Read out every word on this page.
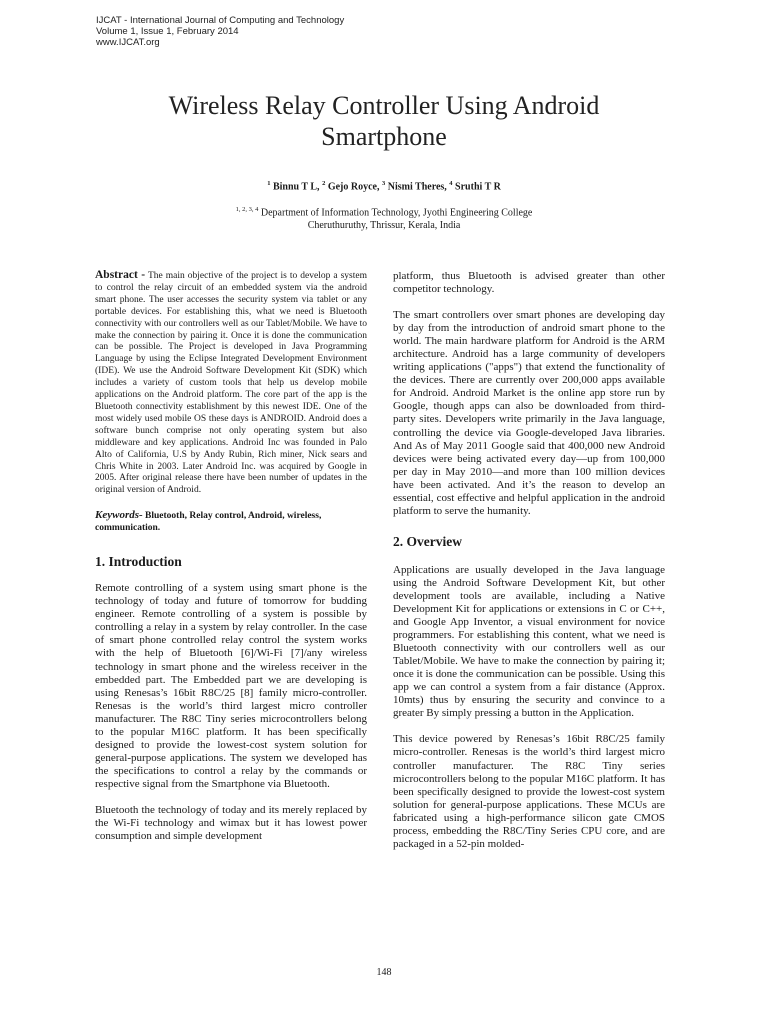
IJCAT - International Journal of Computing and Technology
Volume 1, Issue 1, February 2014
www.IJCAT.org
Wireless Relay Controller Using Android
Smartphone
$^1$ Binnu T L, $^2$ Gejo Royce, $^3$ Nismi Theres, $^4$ Sruthi T R
$^{1, 2, 3, 4}$ Department of Information Technology, Jyothi Engineering College
Cheruthuruthy, Thrissur, Kerala, India

Abstract - The main objective of the project is to develop a system to control the relay circuit of an embedded system via the android smart phone. The user accesses the security system via tablet or any portable devices. For establishing this, what we need is Bluetooth connectivity with our controllers well as our Tablet/Mobile. We have to make the connection by pairing it. Once it is done the communication can be possible. The Project is developed in Java Programming Language by using the Eclipse Integrated Development Environment (IDE). We use the Android Software Development Kit (SDK) which includes a variety of custom tools that help us develop mobile applications on the Android platform. The core part of the app is the Bluetooth connectivity establishment by this newest IDE. One of the most widely used mobile OS these days is ANDROID. Android does a software bunch comprise not only operating system but also middleware and key applications. Android Inc was founded in Palo Alto of California, U.S by Andy Rubin, Rich miner, Nick sears and Chris White in 2003. Later Android Inc. was acquired by Google in 2005. After original release there have been number of updates in the original version of Android.

Keywords- Bluetooth, Relay control, Android, wireless, communication.

1. Introduction

Remote controlling of a system using smart phone is the technology of today and future of tomorrow for budding engineer. Remote controlling of a system is possible by controlling a relay in a system by relay controller. In the case of smart phone controlled relay control the system works with the help of Bluetooth [6]/Wi-Fi [7]/any wireless technology in smart phone and the wireless receiver in the embedded part. The Embedded part we are developing is using Renesas’s 16bit R8C/25 [8] family micro-controller. Renesas is the world’s third largest micro controller manufacturer. The R8C Tiny series microcontrollers belong to the popular M16C platform. It has been specifically designed to provide the lowest-cost system solution for general-purpose applications. The system we developed has the specifications to control a relay by the commands or respective signal from the Smartphone via Bluetooth.

Bluetooth the technology of today and its merely replaced by the Wi-Fi technology and wimax but it has lowest power consumption and simple development

platform, thus Bluetooth is advised greater than other competitor technology.

The smart controllers over smart phones are developing day by day from the introduction of android smart phone to the world. The main hardware platform for Android is the ARM architecture. Android has a large community of developers writing applications ("apps") that extend the functionality of the devices. There are currently over 200,000 apps available for Android. Android Market is the online app store run by Google, though apps can also be downloaded from third-party sites. Developers write primarily in the Java language, controlling the device via Google-developed Java libraries. And As of May 2011 Google said that 400,000 new Android devices were being activated every day—up from 100,000 per day in May 2010—and more than 100 million devices have been activated. And it’s the reason to develop an essential, cost effective and helpful application in the android platform to serve the humanity.

2. Overview

Applications are usually developed in the Java language using the Android Software Development Kit, but other development tools are available, including a Native Development Kit for applications or extensions in C or C++, and Google App Inventor, a visual environment for novice programmers. For establishing this content, what we need is Bluetooth connectivity with our controllers well as our Tablet/Mobile. We have to make the connection by pairing it; once it is done the communication can be possible. Using this app we can control a system from a fair distance (Approx. 10mts) thus by ensuring the security and convince to a greater By simply pressing a button in the Application.

This device powered by Renesas’s 16bit R8C/25 family micro-controller. Renesas is the world’s third largest micro controller manufacturer. The R8C Tiny series microcontrollers belong to the popular M16C platform. It has been specifically designed to provide the lowest-cost system solution for general-purpose applications. These MCUs are fabricated using a high-performance silicon gate CMOS process, embedding the R8C/Tiny Series CPU core, and are packaged in a 52-pin molded-

148
